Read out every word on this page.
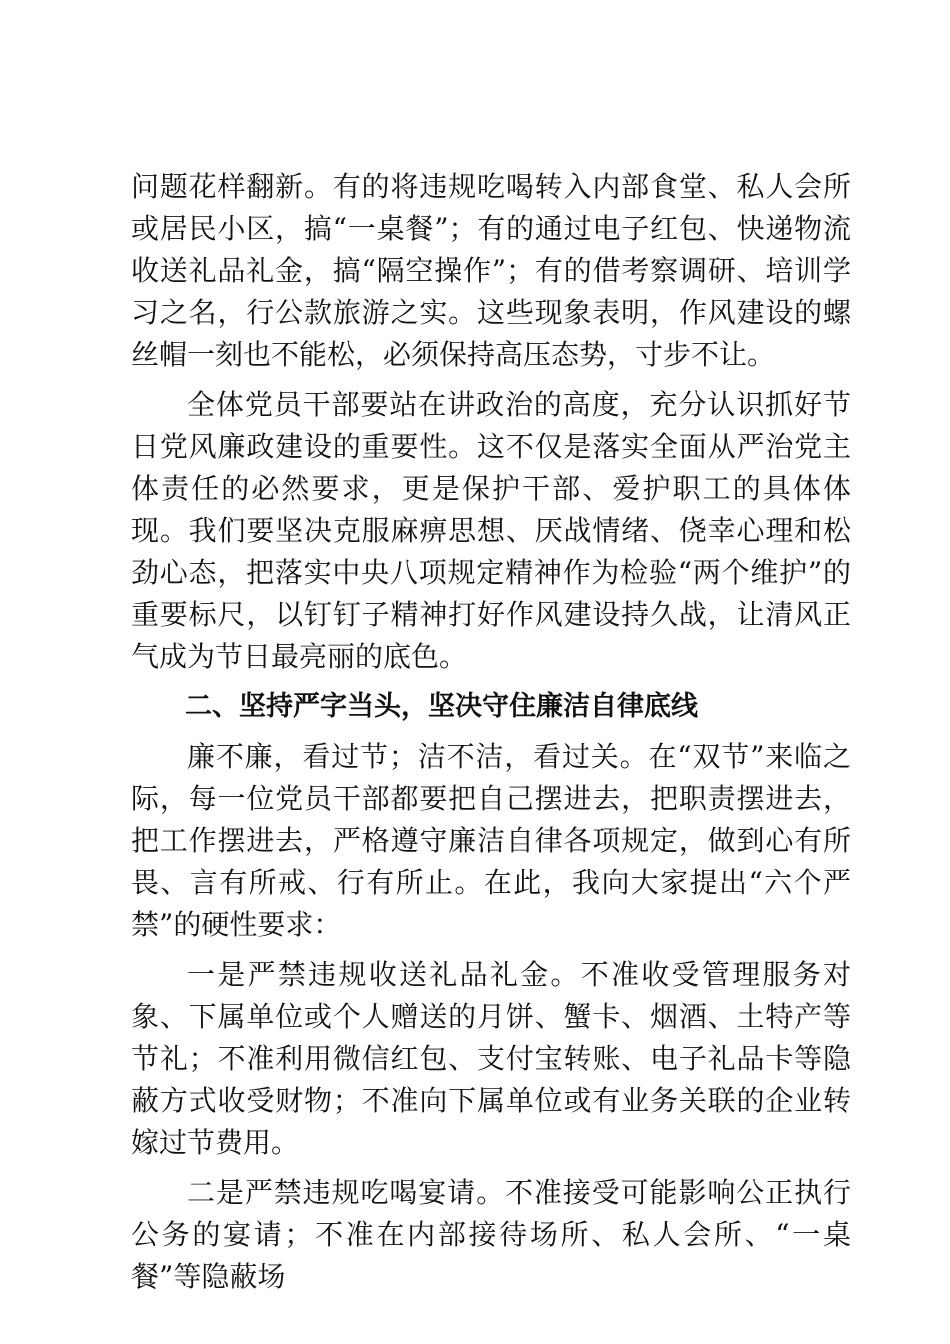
问题花样翻新。有的将违规吃喝转入内部食堂、私人会所或居民小区，搞“一桌餐”；有的通过电子红包、快递物流收送礼品礼金，搞“隔空操作”；有的借考察调研、培训学习之名，行公款旅游之实。这些现象表明，作风建设的螺丝帽一刻也不能松，必须保持高压态势，寸步不让。

全体党员干部要站在讲政治的高度，充分认识抓好节日党风廉政建设的重要性。这不仅是落实全面从严治党主体责任的必然要求，更是保护干部、爱护职工的具体体现。我们要坚决克服麻痹思想、厌战情绪、侥幸心理和松劲心态，把落实中央八项规定精神作为检验“两个维护”的重要标尺，以钉钉子精神打好作风建设持久战，让清风正气成为节日最亮丽的底色。

二、坚持严字当头，坚决守住廉洁自律底线

廉不廉，看过节；洁不洁，看过关。在“双节”来临之际，每一位党员干部都要把自己摆进去，把职责摆进去，把工作摆进去，严格遵守廉洁自律各项规定，做到心有所畏、言有所戒、行有所止。在此，我向大家提出“六个严禁”的硬性要求：

一是严禁违规收送礼品礼金。不准收受管理服务对象、下属单位或个人赠送的月饼、蟹卡、烟酒、土特产等节礼；不准利用微信红包、支付宝转账、电子礼品卡等隐蔽方式收受财物；不准向下属单位或有业务关联的企业转嫁过节费用。

二是严禁违规吃喝宴请。不准接受可能影响公正执行公务的宴请；不准在内部接待场所、私人会所、“一桌餐”等隐蔽场
